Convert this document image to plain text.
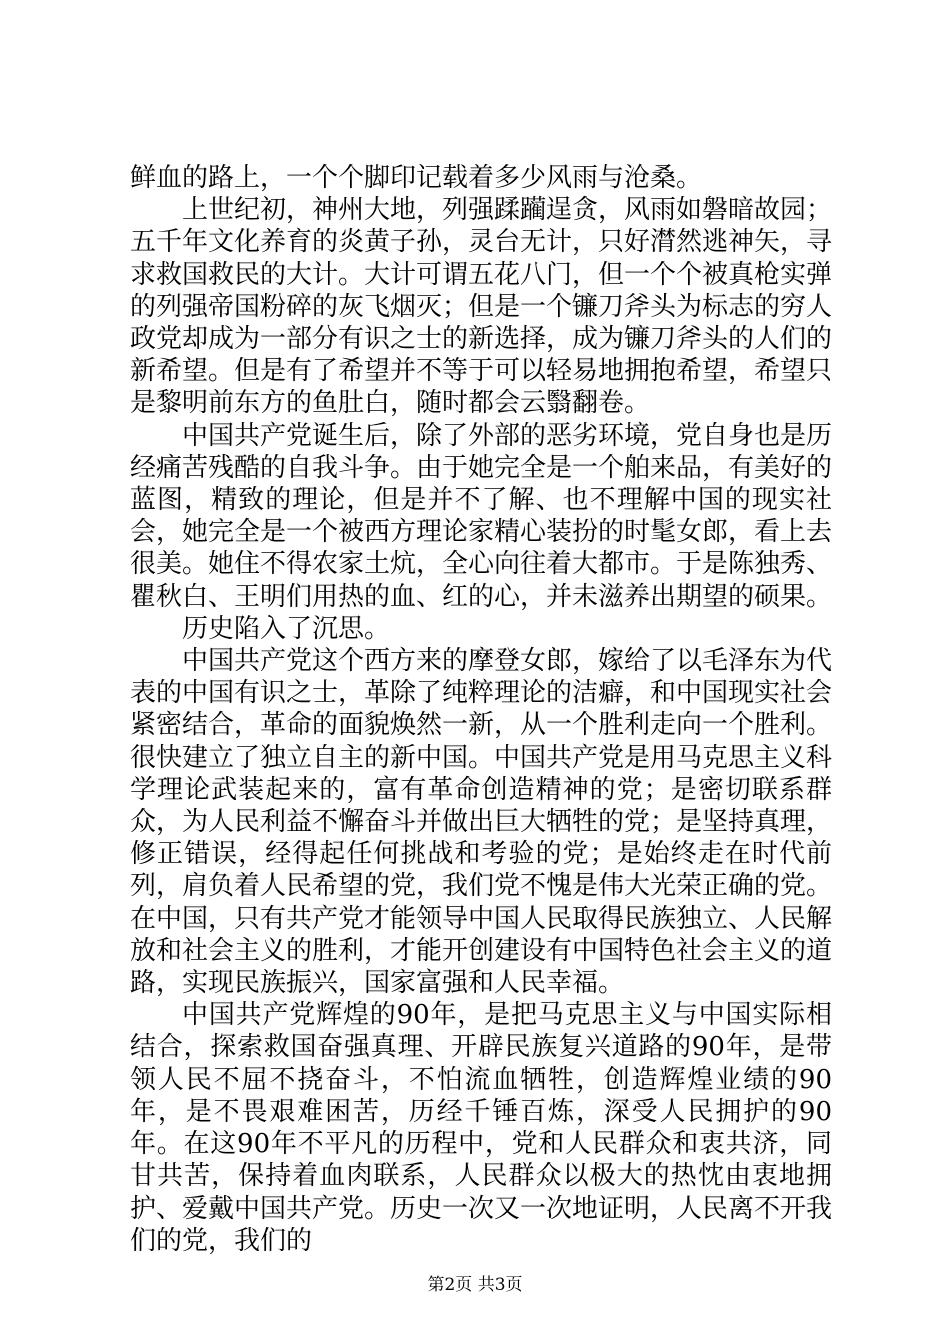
鲜血的路上，一个个脚印记载着多少风雨与沧桑。

上世纪初，神州大地，列强蹂躏逞贪，风雨如磐暗故园；五千年文化养育的炎黄子孙，灵台无计，只好潸然逃神矢，寻求救国救民的大计。大计可谓五花八门，但一个个被真枪实弹的列强帝国粉碎的灰飞烟灭；但是一个镰刀斧头为标志的穷人政党却成为一部分有识之士的新选择，成为镰刀斧头的人们的新希望。但是有了希望并不等于可以轻易地拥抱希望，希望只是黎明前东方的鱼肚白，随时都会云翳翻卷。

中国共产党诞生后，除了外部的恶劣环境，党自身也是历经痛苦残酷的自我斗争。由于她完全是一个舶来品，有美好的蓝图，精致的理论，但是并不了解、也不理解中国的现实社会，她完全是一个被西方理论家精心装扮的时髦女郎，看上去很美。她住不得农家土炕，全心向往着大都市。于是陈独秀、瞿秋白、王明们用热的血、红的心，并未滋养出期望的硕果。

历史陷入了沉思。

中国共产党这个西方来的摩登女郎，嫁给了以毛泽东为代表的中国有识之士，革除了纯粹理论的洁癖，和中国现实社会紧密结合，革命的面貌焕然一新，从一个胜利走向一个胜利。很快建立了独立自主的新中国。中国共产党是用马克思主义科学理论武装起来的，富有革命创造精神的党；是密切联系群众，为人民利益不懈奋斗并做出巨大牺牲的党；是坚持真理，修正错误，经得起任何挑战和考验的党；是始终走在时代前列，肩负着人民希望的党，我们党不愧是伟大光荣正确的党。在中国，只有共产党才能领导中国人民取得民族独立、人民解放和社会主义的胜利，才能开创建设有中国特色社会主义的道路，实现民族振兴，国家富强和人民幸福。

中国共产党辉煌的90年，是把马克思主义与中国实际相结合，探索救国奋强真理、开辟民族复兴道路的90年，是带领人民不屈不挠奋斗，不怕流血牺牲，创造辉煌业绩的90年，是不畏艰难困苦，历经千锤百炼，深受人民拥护的90年。在这90年不平凡的历程中，党和人民群众和衷共济，同甘共苦，保持着血肉联系，人民群众以极大的热忱由衷地拥护、爱戴中国共产党。历史一次又一次地证明，人民离不开我们的党，我们的

第2页 共3页
